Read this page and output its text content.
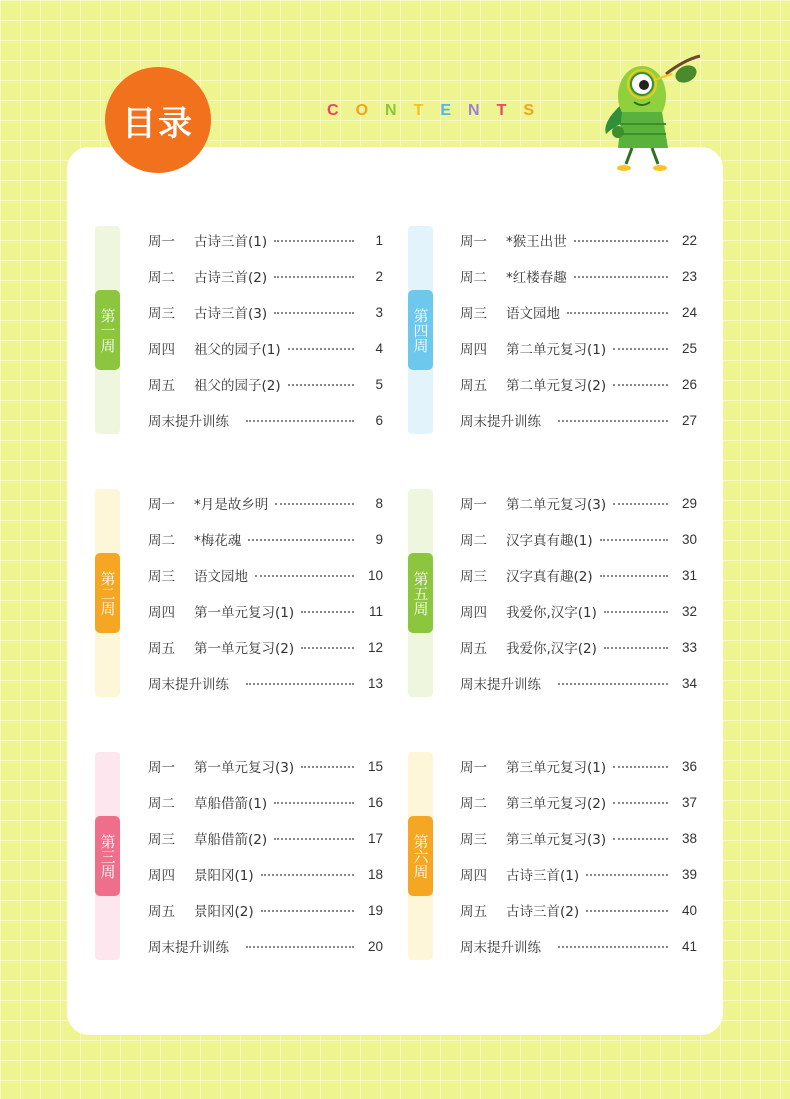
目录	C O N T E N T S
第一周
周一	古诗三首(1)	1
周二	古诗三首(2)	2
周三	古诗三首(3)	3
周四	祖父的园子(1)	4
周五	祖父的园子(2)	5
周末提升训练	6
第二周
周一	*月是故乡明	8
周二	*梅花魂	9
周三	语文园地	10
周四	第一单元复习(1)	11
周五	第一单元复习(2)	12
周末提升训练	13
第三周
周一	第一单元复习(3)	15
周二	草船借箭(1)	16
周三	草船借箭(2)	17
周四	景阳冈(1)	18
周五	景阳冈(2)	19
周末提升训练	20
第四周
周一	*猴王出世	22
周二	*红楼春趣	23
周三	语文园地	24
周四	第二单元复习(1)	25
周五	第二单元复习(2)	26
周末提升训练	27
第五周
周一	第二单元复习(3)	29
周二	汉字真有趣(1)	30
周三	汉字真有趣(2)	31
周四	我爱你,汉字(1)	32
周五	我爱你,汉字(2)	33
周末提升训练	34
第六周
周一	第三单元复习(1)	36
周二	第三单元复习(2)	37
周三	第三单元复习(3)	38
周四	古诗三首(1)	39
周五	古诗三首(2)	40
周末提升训练	41
